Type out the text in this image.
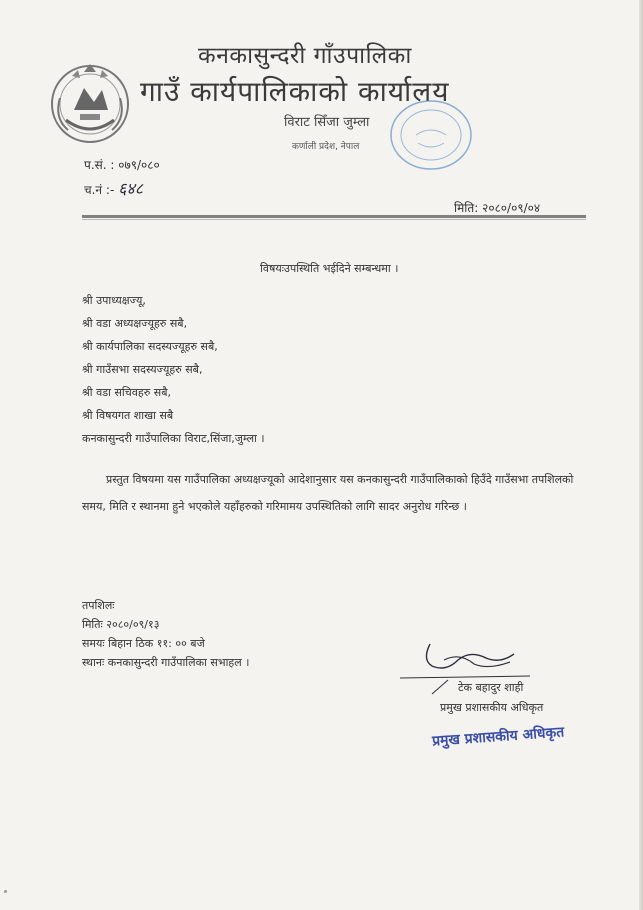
कनकासुन्दरी गाँउपालिका
गाउँ कार्यपालिकाको कार्यालय
विराट सिँजा जुम्ला
कर्णाली प्रदेश, नेपाल
प.सं. : ०७९/०८०
च.नं :- ६४८
मिति: २०८०/०९/०४
विषयःउपस्थिति भईदिने सम्बन्धमा ।
श्री उपाध्यक्षज्यू,
श्री वडा अध्यक्षज्यूहरु सबै,
श्री कार्यपालिका सदस्यज्यूहरु सबै,
श्री गाउँसभा सदस्यज्यूहरु सबै,
श्री वडा सचिवहरु सबै,
श्री विषयगत शाखा सबै
कनकासुन्दरी गाउँपालिका विराट,सिंजा,जुम्ला ।
प्रस्तुत विषयमा यस गाउँपालिका अध्यक्षज्यूको आदेशानुसार यस कनकासुन्दरी गाउँपालिकाको हिउँदे गाउँसभा तपशिलको समय, मिति र स्थानमा हुने भएकोले यहाँहरुको गरिमामय उपस्थितिको लागि सादर अनुरोध गरिन्छ ।
तपशिलः
मितिः २०८०/०९/१३
समयः बिहान ठिक ११: ०० बजे
स्थानः कनकासुन्दरी गाउँपालिका सभाहल ।
टेक बहादुर शाही
प्रमुख प्रशासकीय अधिकृत
प्रमुख प्रशासकीय अधिकृत
